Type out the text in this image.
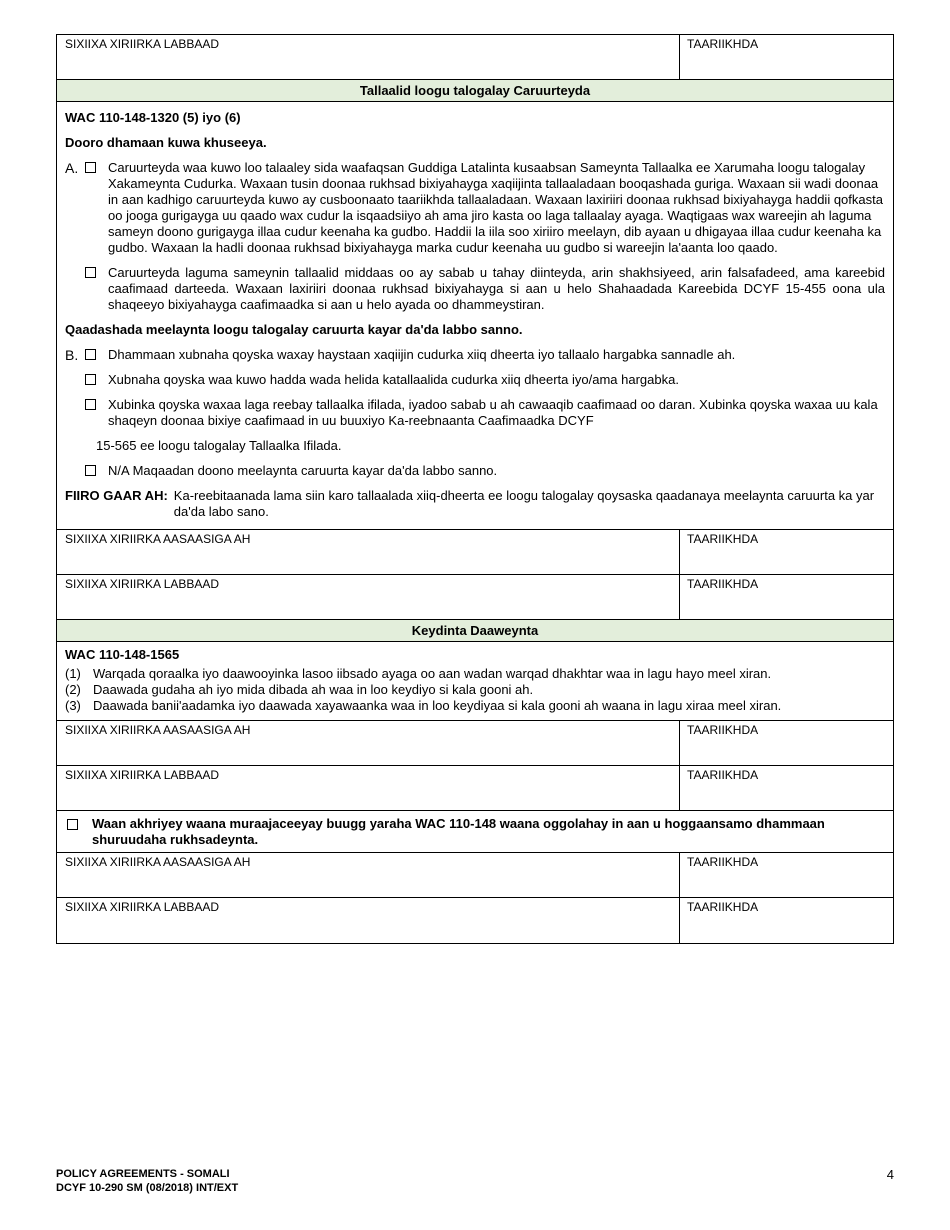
SIXIIXA XIRIIRKA LABBAAD	TAARIIKHDA
Tallaalid loogu talogalay Caruurteyda

WAC 110-148-1320 (5) iyo (6)

Dooro dhamaan kuwa khuseeya.

A.	Caruurteyda waa kuwo loo talaaley sida waafaqsan Guddiga Latalinta kusaabsan Sameynta Tallaalka ee Xarumaha loogu talogalay Xakameynta Cudurka. Waxaan tusin doonaa rukhsad bixiyahayga xaqiijinta tallaaladaan booqashada guriga. Waxaan sii wadi doonaa in aan kadhigo caruurteyda kuwo ay cusboonaato taariikhda tallaaladaan. Waxaan laxiriiri doonaa rukhsad bixiyahayga haddii qofkasta oo jooga gurigayga uu qaado wax cudur la isqaadsiiyo ah ama jiro kasta oo laga tallaalay ayaga. Waqtigaas wax wareejin ah laguma sameyn doono gurigayga illaa cudur keenaha ka gudbo. Haddii la iila soo xiriiro meelayn, dib ayaan u dhigayaa illaa cudur keenaha ka gudbo. Waxaan la hadli doonaa rukhsad bixiyahayga marka cudur keenaha uu gudbo si wareejin la'aanta loo qaado.
Caruurteyda laguma sameynin tallaalid middaas oo ay sabab u tahay diinteyda, arin shakhsiyeed, arin falsafadeed, ama kareebid caafimaad darteeda. Waxaan laxiriiri doonaa rukhsad bixiyahayga si aan u helo Shahaadada Kareebida DCYF 15-455 oona ula shaqeeyo bixiyahayga caafimaadka si aan u helo ayada oo dhammeystiran.

Qaadashada meelaynta loogu talogalay caruurta kayar da'da labbo sanno.

B.	Dhammaan xubnaha qoyska waxay haystaan xaqiijin cudurka xiiq dheerta iyo tallaalo hargabka sannadle ah.
Xubnaha qoyska waa kuwo hadda wada helida katallaalida cudurka xiiq dheerta iyo/ama hargabka.
Xubinka qoyska waxaa laga reebay tallaalka ifilada, iyadoo sabab u ah cawaaqib caafimaad oo daran. Xubinka qoyska waxaa uu kala shaqeyn doonaa bixiye caafimaad in uu buuxiyo Ka-reebnaanta Caafimaadka DCYF
15-565 ee loogu talogalay Tallaalka Ifilada.
N/A Maqaadan doono meelaynta caruurta kayar da'da labbo sanno.
FIIRO GAAR AH: Ka-reebitaanada lama siin karo tallaalada xiiq-dheerta ee loogu talogalay qoysaska qaadanaya meelaynta caruurta ka yar da'da labo sano.
SIXIIXA XIRIIRKA AASAASIGA AH	TAARIIKHDA
SIXIIXA XIRIIRKA LABBAAD	TAARIIKHDA
Keydinta Daaweynta

WAC 110-148-1565

(1) Warqada qoraalka iyo daawooyinka lasoo iibsado ayaga oo aan wadan warqad dhakhtar waa in lagu hayo meel xiran.
(2) Daawada gudaha ah iyo mida dibada ah waa in loo keydiyo si kala gooni ah.
(3) Daawada banii'aadamka iyo daawada xayawaanka waa in loo keydiyaa si kala gooni ah waana in lagu xiraa meel xiran.
SIXIIXA XIRIIRKA AASAASIGA AH	TAARIIKHDA
SIXIIXA XIRIIRKA LABBAAD	TAARIIKHDA
Waan akhriyey waana muraajaceeyay buugg yaraha WAC 110-148 waana oggolahay in aan u hoggaansamo dhammaan shuruudaha rukhsadeynta.
SIXIIXA XIRIIRKA AASAASIGA AH	TAARIIKHDA
SIXIIXA XIRIIRKA LABBAAD	TAARIIKHDA
POLICY AGREEMENTS - SOMALI
DCYF 10-290 SM (08/2018) INT/EXT
4
